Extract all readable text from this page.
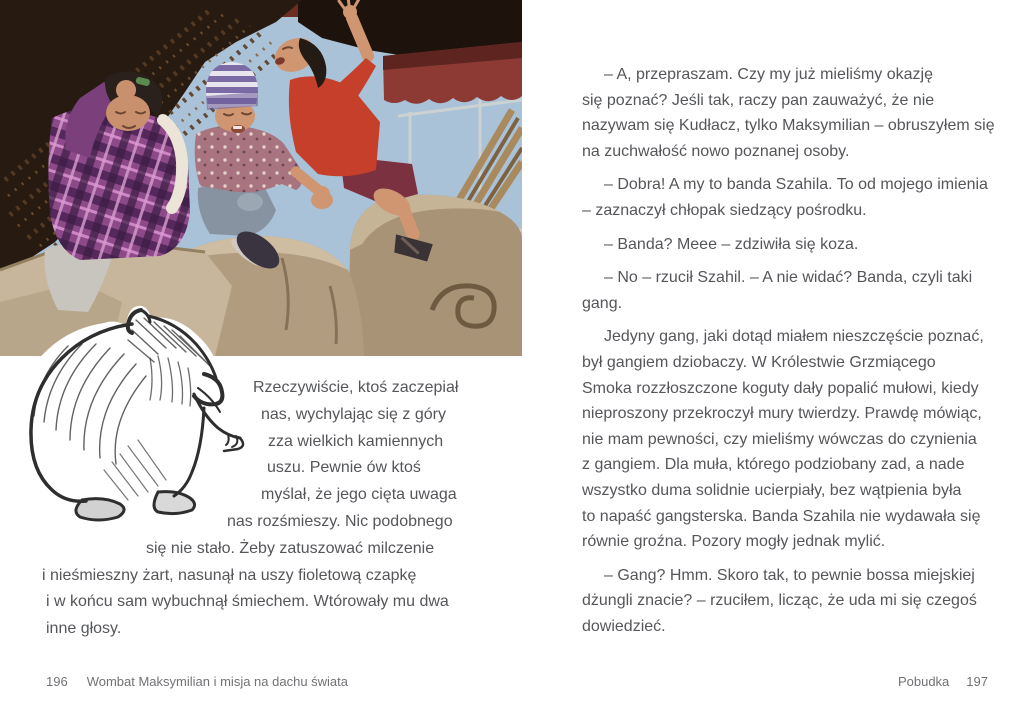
Rzeczywiście, ktoś zaczepiał
nas, wychylając się z góry
zza wielkich kamiennych
uszu. Pewnie ów ktoś
myślał, że jego cięta uwaga
nas rozśmieszy. Nic podobnego
się nie stało. Żeby zatuszować milczenie
i nieśmieszny żart, nasunął na uszy fioletową czapkę
i w końcu sam wybuchnął śmiechem. Wtórowały mu dwa
inne głosy.
– A, przepraszam. Czy my już mieliśmy okazję
się poznać? Jeśli tak, raczy pan zauważyć, że nie
nazywam się Kudłacz, tylko Maksymilian – obruszyłem się
na zuchwałość nowo poznanej osoby.
– Dobra! A my to banda Szahila. To od mojego imienia
– zaznaczył chłopak siedzący pośrodku.
– Banda? Meee – zdziwiła się koza.
– No – rzucił Szahil. – A nie widać? Banda, czyli taki
gang.
Jedyny gang, jaki dotąd miałem nieszczęście poznać,
był gangiem dziobaczy. W Królestwie Grzmiącego
Smoka rozzłoszczone koguty dały popalić mułowi, kiedy
nieproszony przekroczył mury twierdzy. Prawdę mówiąc,
nie mam pewności, czy mieliśmy wówczas do czynienia
z gangiem. Dla muła, którego podziobany zad, a nade
wszystko duma solidnie ucierpiały, bez wątpienia była
to napaść gangsterska. Banda Szahila nie wydawała się
równie groźna. Pozory mogły jednak mylić.
– Gang? Hmm. Skoro tak, to pewnie bossa miejskiej
dżungli znacie? – rzuciłem, licząc, że uda mi się czegoś
dowiedzieć.
196 Wombat Maksymilian i misja na dachu świata	Pobudka 197
